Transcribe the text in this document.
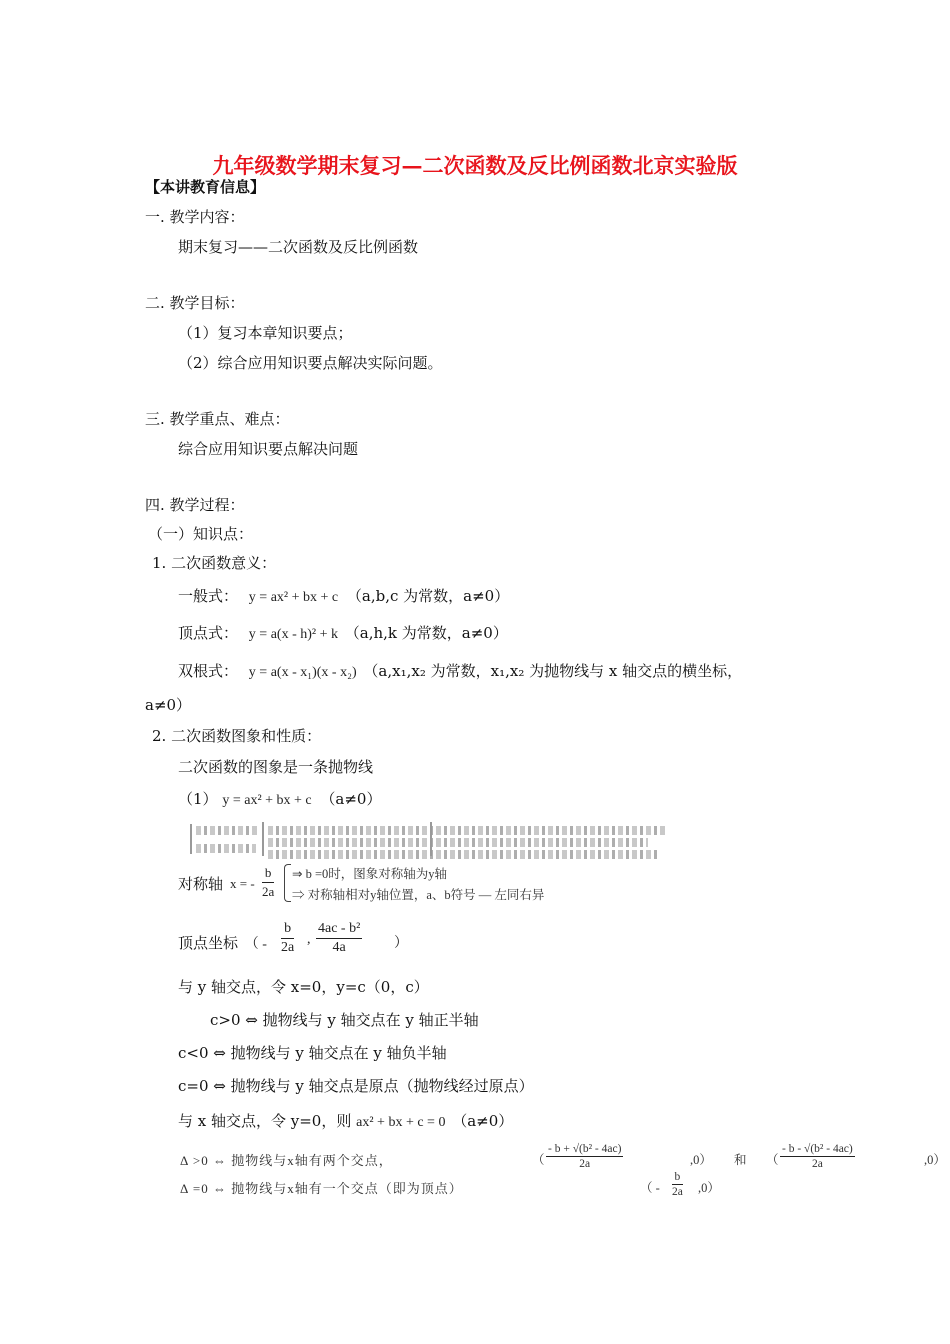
九年级数学期末复习—二次函数及反比例函数北京实验版
【本讲教育信息】
一. 教学内容：
期末复习——二次函数及反比例函数
二. 教学目标：
（1）复习本章知识要点；
（2）综合应用知识要点解决实际问题。
三. 教学重点、难点：
综合应用知识要点解决问题
四. 教学过程：
（一）知识点：
1. 二次函数意义：
一般式： y = ax² + bx + c （a,b,c 为常数，a≠0）
顶点式： y = a(x - h)² + k （a,h,k 为常数，a≠0）
双根式： y = a(x - x₁)(x - x₂) （a,x₁,x₂ 为常数，x₁,x₂ 为抛物线与 x 轴交点的横坐标，
a≠0）
2. 二次函数图象和性质：
二次函数的图象是一条抛物线
（1） y = ax² + bx + c （a≠0）
对称轴 x = - $\frac{b}{2a}$ ⇒ b =0时，图象对称轴为y轴
⇒ 对称轴相对y轴位置，a、b符号 — 左同右异
顶点坐标 （ - $\frac{b}{2a}$ , $\frac{\text{4ac - b²}}{4a}$ ）
与 y 轴交点，令 x=0，y=c（0，c）
c>0 ⇔ 抛物线与 y 轴交点在 y 轴正半轴
c<0 ⇔ 抛物线与 y 轴交点在 y 轴负半轴
c=0 ⇔ 抛物线与 y 轴交点是原点（抛物线经过原点）
与 x 轴交点，令 y=0，则 ax² + bx + c = 0 （a≠0）
Δ >0 ⇔ 抛物线与x轴有两个交点，	（ $\frac{\text{- b + √(b² - 4ac)}}{2a}$	,0） 和 （ $\frac{\text{- b - √(b² - 4ac)}}{2a}$	,0）
Δ =0 ⇔ 抛物线与x轴有一个交点（即为顶点）	（ - $\frac{b}{2a} ,0$）
